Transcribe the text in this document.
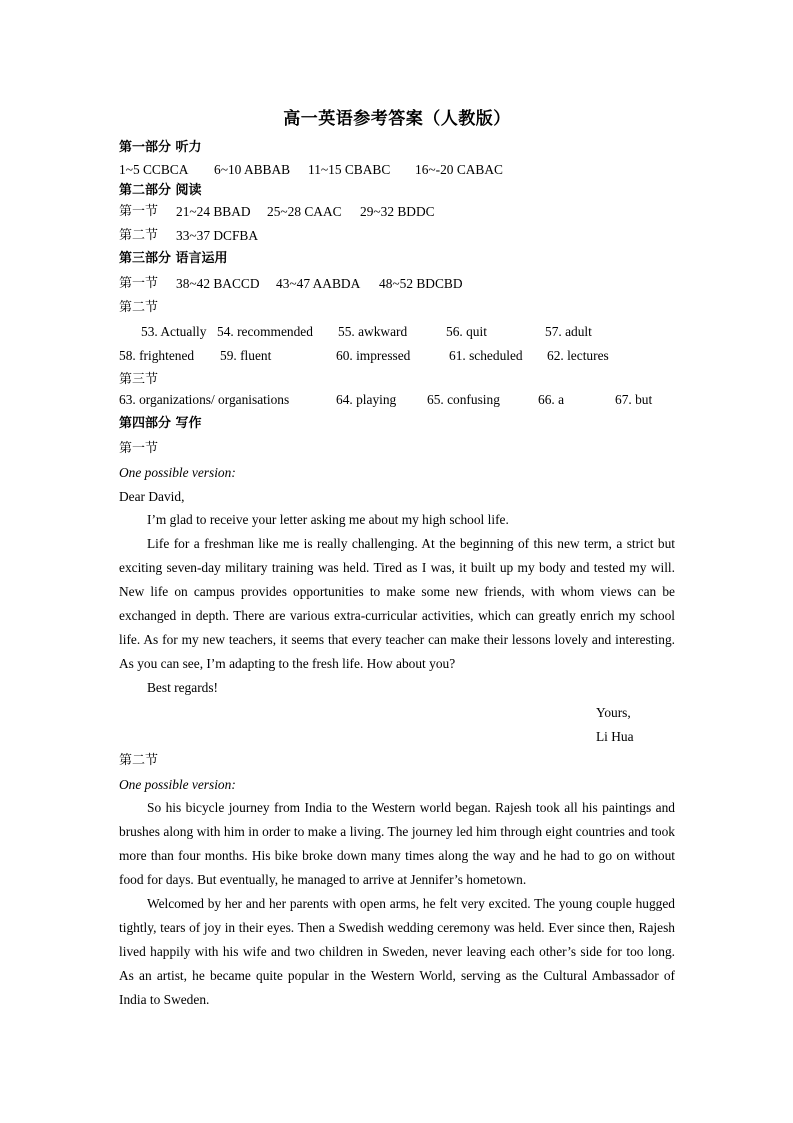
高一英语参考答案（人教版）
第一部分 听力
1~5 CCBCA 6~10 ABBAB 11~15 CBABC 16~-20 CABAC
第二部分 阅读
第一节 21~24 BBAD 25~28 CAAC 29~32 BDDC
第二节 33~37 DCFBA
第三部分 语言运用
第一节 38~42 BACCD 43~47 AABDA 48~52 BDCBD
第二节
53. Actually 54. recommended 55. awkward	56. quit	57. adult
58. frightened 59. fluent	60. impressed	61. scheduled 62. lectures
第三节
63. organizations/ organisations	64. playing 65. confusing	66. a	67. but
第四部分 写作
第一节
One possible version:
Dear David,
I’m glad to receive your letter asking me about my high school life.
Life for a freshman like me is really challenging. At the beginning of this new term, a strict but exciting seven-day military training was held. Tired as I was, it built up my body and tested my will. New life on campus provides opportunities to make some new friends, with whom views can be exchanged in depth. There are various extra-curricular activities, which can greatly enrich my school life. As for my new teachers, it seems that every teacher can make their lessons lovely and interesting. As you can see, I’m adapting to the fresh life. How about you?
Best regards!
Yours,
Li Hua
第二节
One possible version:
So his bicycle journey from India to the Western world began. Rajesh took all his paintings and brushes along with him in order to make a living. The journey led him through eight countries and took more than four months. His bike broke down many times along the way and he had to go on without food for days. But eventually, he managed to arrive at Jennifer’s hometown.
Welcomed by her and her parents with open arms, he felt very excited. The young couple hugged tightly, tears of joy in their eyes. Then a Swedish wedding ceremony was held. Ever since then, Rajesh lived happily with his wife and two children in Sweden, never leaving each other’s side for too long. As an artist, he became quite popular in the Western World, serving as the Cultural Ambassador of India to Sweden.
